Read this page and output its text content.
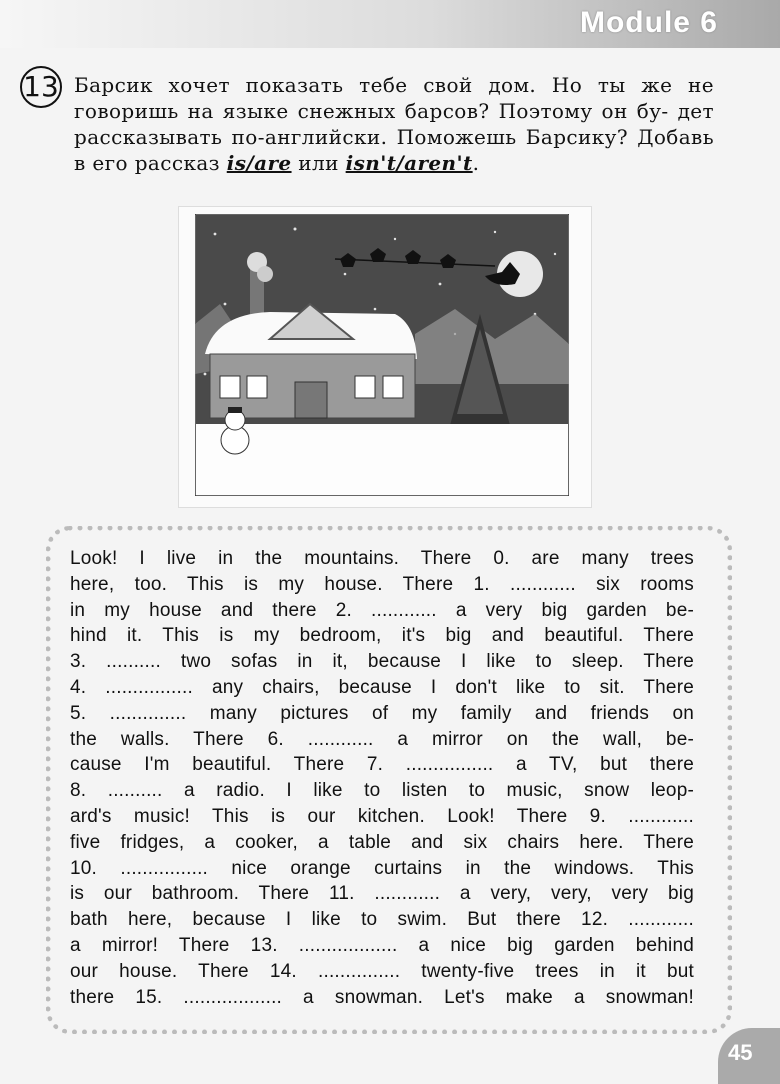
Module 6
13 Барсик хочет показать тебе свой дом. Но ты же не говоришь на языке снежных барсов? Поэтому он бу- дет рассказывать по-английски. Поможешь Барсику? Добавь в его рассказ is/are или isn't/aren't.

Look! I live in the mountains. There 0. are many trees
here, too. This is my house. There 1. ............ six rooms
in my house and there 2. ............ a very big garden be-
hind it. This is my bedroom, it's big and beautiful. There
3. .......... two sofas in it, because I like to sleep. There
4. ................ any chairs, because I don't like to sit. There
5. .............. many pictures of my family and friends on
the walls. There 6. ............ a mirror on the wall, be-
cause I'm beautiful. There 7. ................ a TV, but there
8. .......... a radio. I like to listen to music, snow leop-
ard's music! This is our kitchen. Look! There 9. ............
five fridges, a cooker, a table and six chairs here. There
10. ................ nice orange curtains in the windows. This
is our bathroom. There 11. ............ a very, very, very big
bath here, because I like to swim. But there 12. ............
a mirror! There 13. .................. a nice big garden behind
our house. There 14. ............... twenty-five trees in it but
there 15. .................. a snowman. Let's make a snowman!
45
